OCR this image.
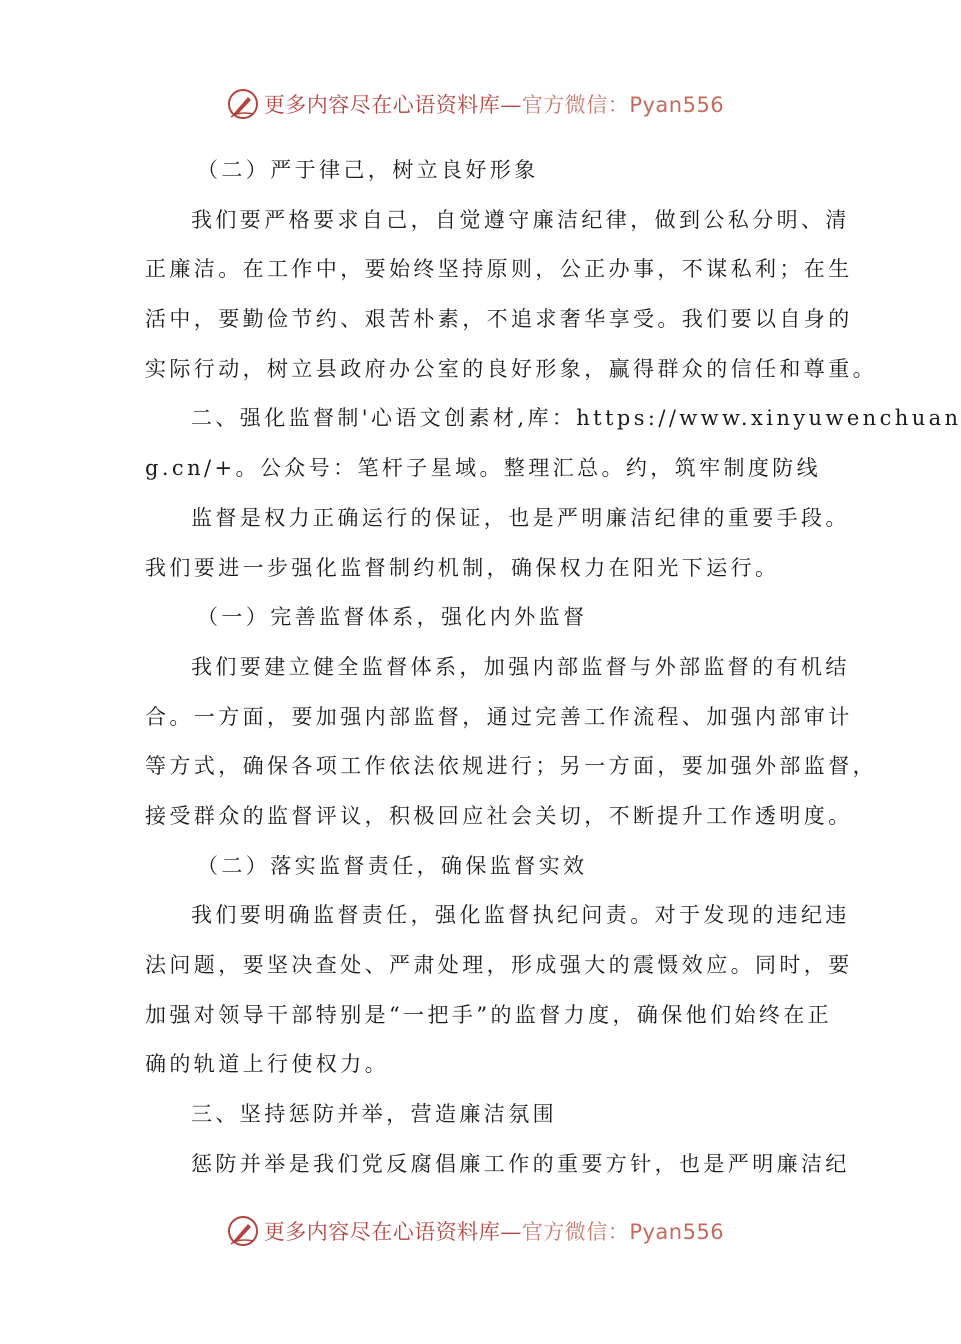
更多内容尽在心语资料库—官方微信：Pyan556
（二）严于律己，树立良好形象
我们要严格要求自己，自觉遵守廉洁纪律，做到公私分明、清
正廉洁。在工作中，要始终坚持原则，公正办事，不谋私利；在生
活中，要勤俭节约、艰苦朴素，不追求奢华享受。我们要以自身的
实际行动，树立县政府办公室的良好形象，赢得群众的信任和尊重。
二、强化监督制'心语文创素材,库：https://www.xinyuwenchuan
g.cn/+。公众号：笔杆子星域。整理汇总。约，筑牢制度防线
监督是权力正确运行的保证，也是严明廉洁纪律的重要手段。
我们要进一步强化监督制约机制，确保权力在阳光下运行。
（一）完善监督体系，强化内外监督
我们要建立健全监督体系，加强内部监督与外部监督的有机结
合。一方面，要加强内部监督，通过完善工作流程、加强内部审计
等方式，确保各项工作依法依规进行；另一方面，要加强外部监督，
接受群众的监督评议，积极回应社会关切，不断提升工作透明度。
（二）落实监督责任，确保监督实效
我们要明确监督责任，强化监督执纪问责。对于发现的违纪违
法问题，要坚决查处、严肃处理，形成强大的震慑效应。同时，要
加强对领导干部特别是“一把手”的监督力度，确保他们始终在正
确的轨道上行使权力。
三、坚持惩防并举，营造廉洁氛围
惩防并举是我们党反腐倡廉工作的重要方针，也是严明廉洁纪
更多内容尽在心语资料库—官方微信：Pyan556
